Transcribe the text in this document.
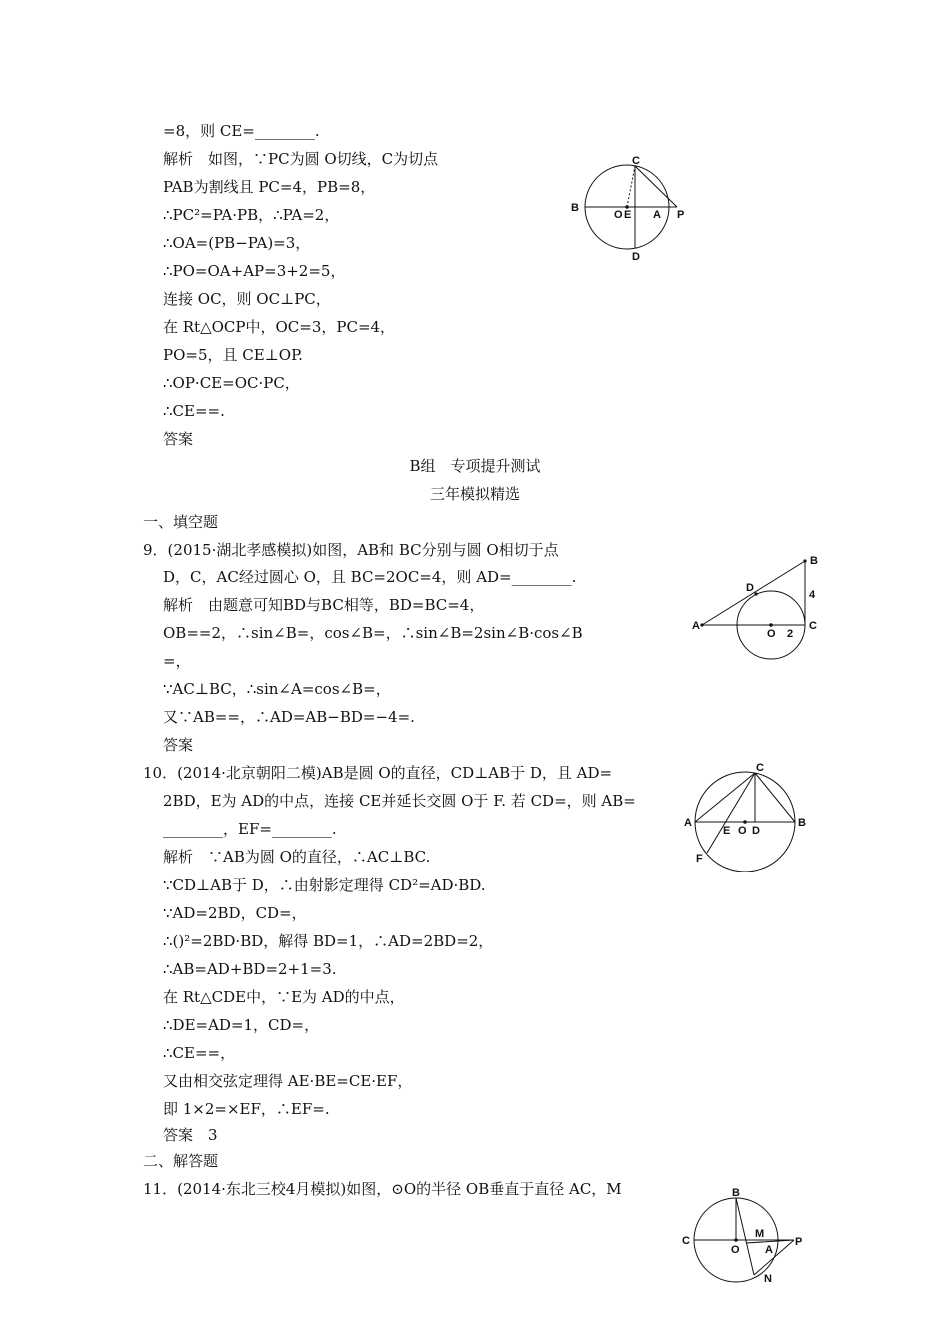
=8，则 CE=________.
解析　如图，∵PC为圆 O切线，C为切点
PAB为割线且 PC=4，PB=8，
∴PC²=PA·PB，∴PA=2，
∴OA=(PB−PA)=3，
∴PO=OA+AP=3+2=5，
连接 OC，则 OC⊥PC，
在 Rt△OCP中，OC=3，PC=4，
PO=5，且 CE⊥OP.
∴OP·CE=OC·PC，
∴CE==.
答案
B
O E A P
C
D
B组　专项提升测试
三年模拟精选
一、填空题
9．(2015·湖北孝感模拟)如图，AB和 BC分别与圆 O相切于点
D，C，AC经过圆心 O，且 BC=2OC=4，则 AD=________.
解析　由题意可知BD与BC相等，BD=BC=4，
OB==2，∴sin∠B=，cos∠B=，∴sin∠B=2sin∠B·cos∠B
=，
∵AC⊥BC，∴sin∠A=cos∠B=，
又∵AB==，∴AD=AB−BD=−4=.
答案
A
B
C
D
O
4
2
10．(2014·北京朝阳二模)AB是圆 O的直径，CD⊥AB于 D，且 AD=
2BD，E为 AD的中点，连接 CE并延长交圆 O于 F. 若 CD=，则 AB=
________，EF=________.
解析　∵AB为圆 O的直径，∴AC⊥BC.
∵CD⊥AB于 D，∴由射影定理得 CD²=AD·BD.
∵AD=2BD，CD=，
∴()²=2BD·BD，解得 BD=1，∴AD=2BD=2，
∴AB=AD+BD=2+1=3.
在 Rt△CDE中，∵E为 AD的中点，
∴DE=AD=1，CD=，
∴CE==，
又由相交弦定理得 AE·BE=CE·EF，
即 1×2=×EF，∴EF=.
答案　3
A	B
C
D
E O
F
二、解答题
11．(2014·东北三校4月模拟)如图，⊙O的半径 OB垂直于直径 AC，M	B
C
O
M
A
P
N
